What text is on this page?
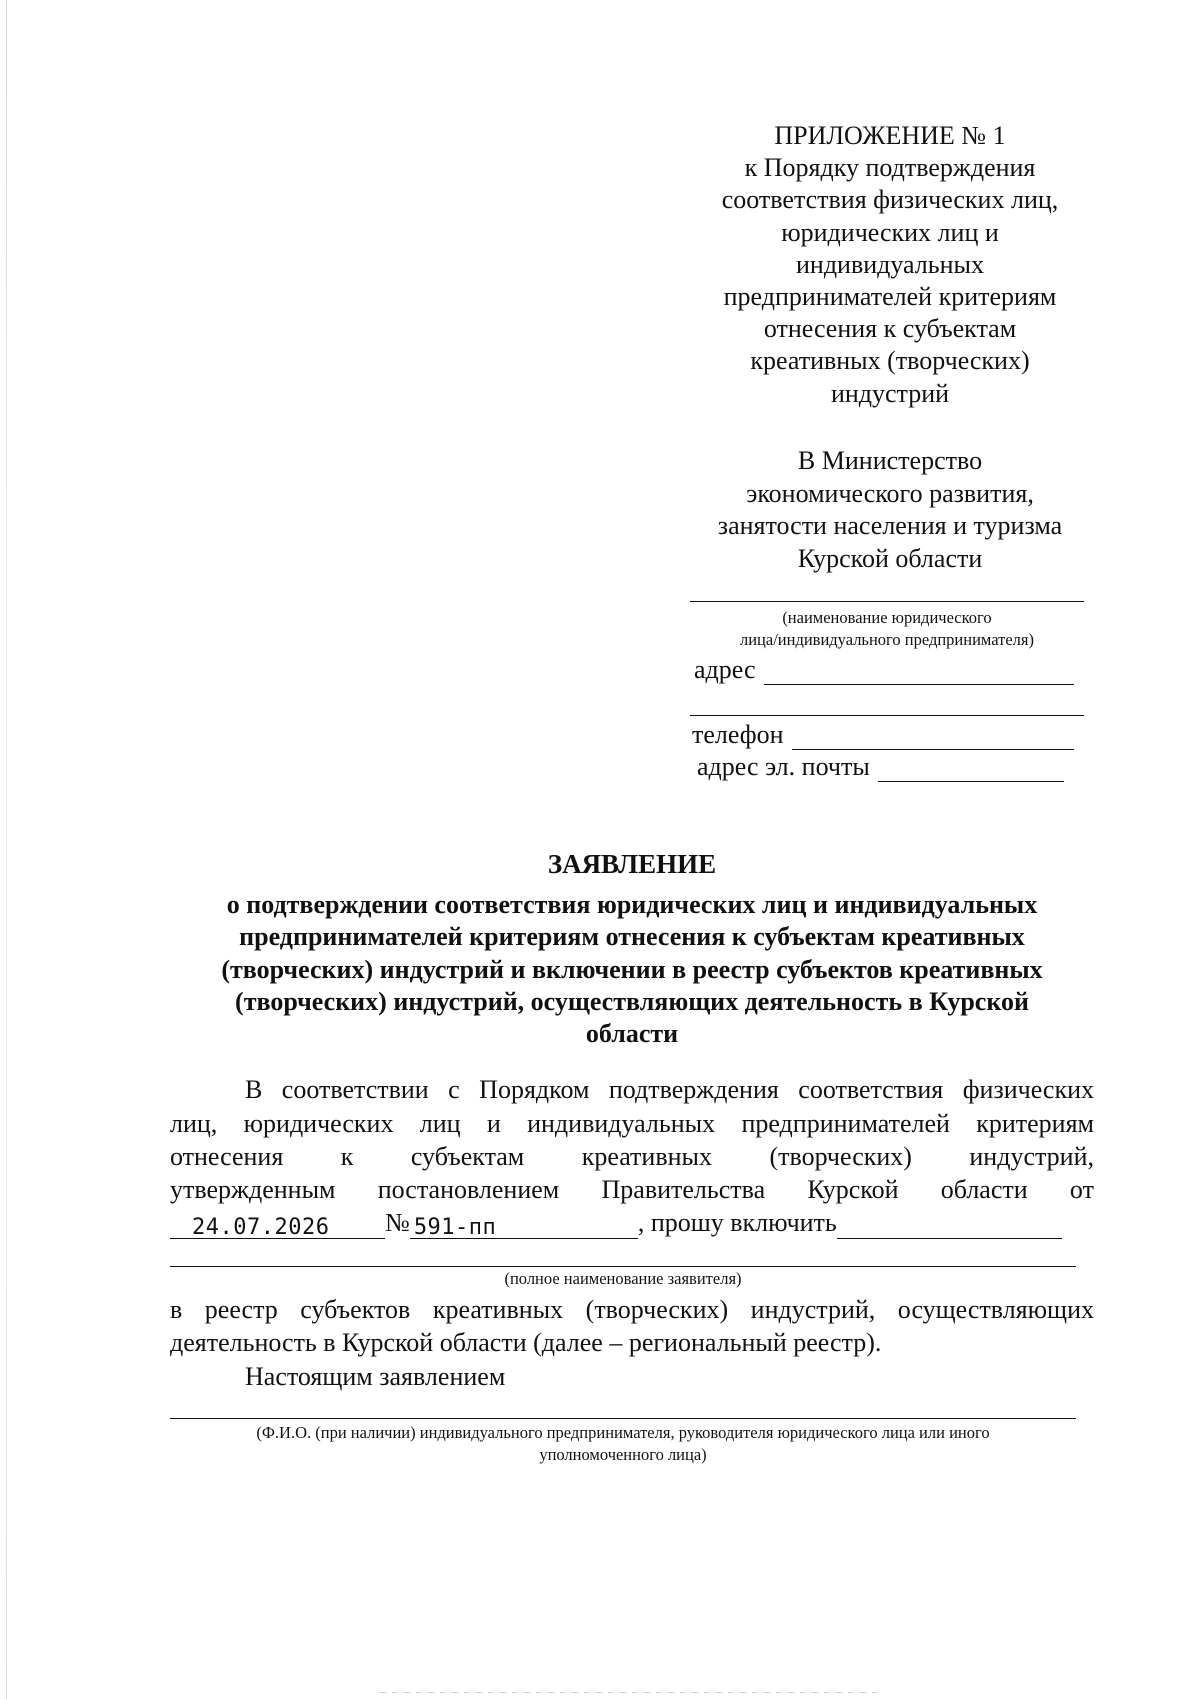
ПРИЛОЖЕНИЕ № 1
к Порядку подтверждения
соответствия физических лиц,
юридических лиц и
индивидуальных
предпринимателей критериям
отнесения к субъектам
креативных (творческих)
индустрий
В Министерство
экономического развития,
занятости населения и туризма
Курской области
(наименование юридического
лица/индивидуального предпринимателя)
адрес
телефон
адрес эл. почты
ЗАЯВЛЕНИЕ
о подтверждении соответствия юридических лиц и индивидуальных
предпринимателей критериям отнесения к субъектам креативных
(творческих) индустрий и включении в реестр субъектов креативных
(творческих) индустрий, осуществляющих деятельность в Курской
области
В соответствии с Порядком подтверждения соответствия физических
лиц, юридических лиц и индивидуальных предпринимателей критериям
отнесения к субъектам креативных (творческих) индустрий,
утвержденным постановлением Правительства Курской области от
24.07.2026 № 591-пп	, прошу включить
(полное наименование заявителя)
в реестр субъектов креативных (творческих) индустрий, осуществляющих
деятельность в Курской области (далее – региональный реестр).
Настоящим заявлением
(Ф.И.О. (при наличии) индивидуального предпринимателя, руководителя юридического лица или иного
уполномоченного лица)
